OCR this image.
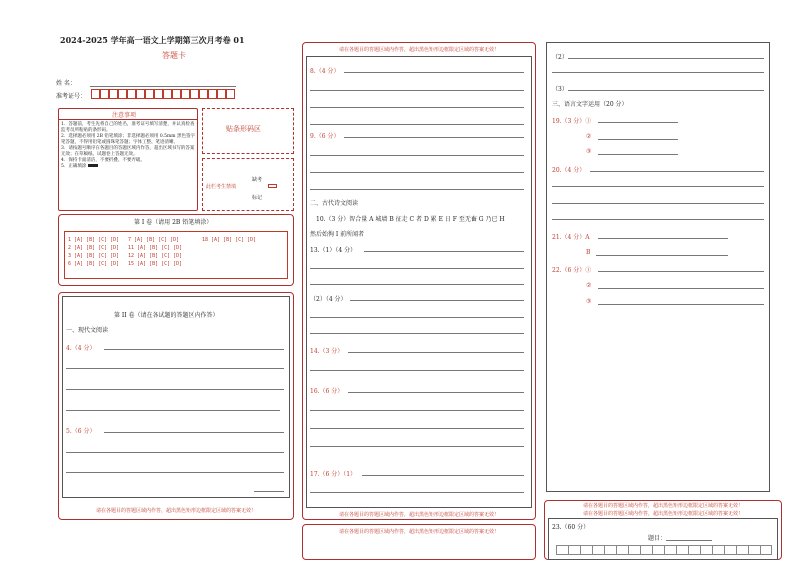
2024-2025 学年高一语文上学期第三次月考卷 01
答题卡
姓 名：
准考证号：
注意事项
1．答题前，考生先将自己的姓名，准考证号填写清楚，并认真检查监考员所粘贴的条形码。
2．选择题必须用 2B 铅笔填涂；非选择题必须用 0.5mm 黑色签字笔答题，不得用铅笔或圆珠笔答题；字体工整、笔迹清晰。
3．请按题号顺序在各题目的答题区域内作答，超出区域书写的答案无效；在草稿纸、试题卷上答题无效。
4．保持卡面清洁，不要折叠、不要弄破。
5．正确填涂
贴条形码区
此栏考生禁填
缺考
标记
第 I 卷（请用 2B 铅笔填涂）
1 [A] [B] [C] [D]
2 [A] [B] [C] [D]
3 [A] [B] [C] [D]
6 [A] [B] [C] [D]
7 [A] [B] [C] [D]
11 [A] [B] [C] [D]
12 [A] [B] [C] [D]
15 [A] [B] [C] [D]
18 [A] [B] [C] [D]
第 II 卷（请在各试题的答题区内作答）
一、现代文阅读
4.（4 分）
5.（6 分）
请在各题目的答题区域内作答，超出黑色矩形边框限定区域的答案无效！
请在各题目的答题区域内作答，超出黑色矩形边框限定区域的答案无效！
8.（4 分）
9.（6 分）
二、古代诗文阅读
10.（3 分）智合量 A 城墙 B 征走 C 者 D 累 E 日 F 至无畜 G 乃已 H
然后始徇 I 前所闻者
13.（1）（4 分）
（2）（4 分）
14.（3 分）
16.（6 分）
17.（6 分）（1）
请在各题目的答题区域内作答，超出黑色矩形边框限定区域的答案无效！
请在各题目的答题区域内作答，超出黑色矩形边框限定区域的答案无效！
（2）
（3）
三、语言文字运用（20 分）
19.（3 分）①
②
③
20.（4 分）
21.（4 分）A
B
22.（6 分）①
②
③
请在各题目的答题区域内作答，超出黑色矩形边框限定区域的答案无效！
请在各题目的答题区域内作答，超出黑色矩形边框限定区域的答案无效！
23.（60 分）
题目：
